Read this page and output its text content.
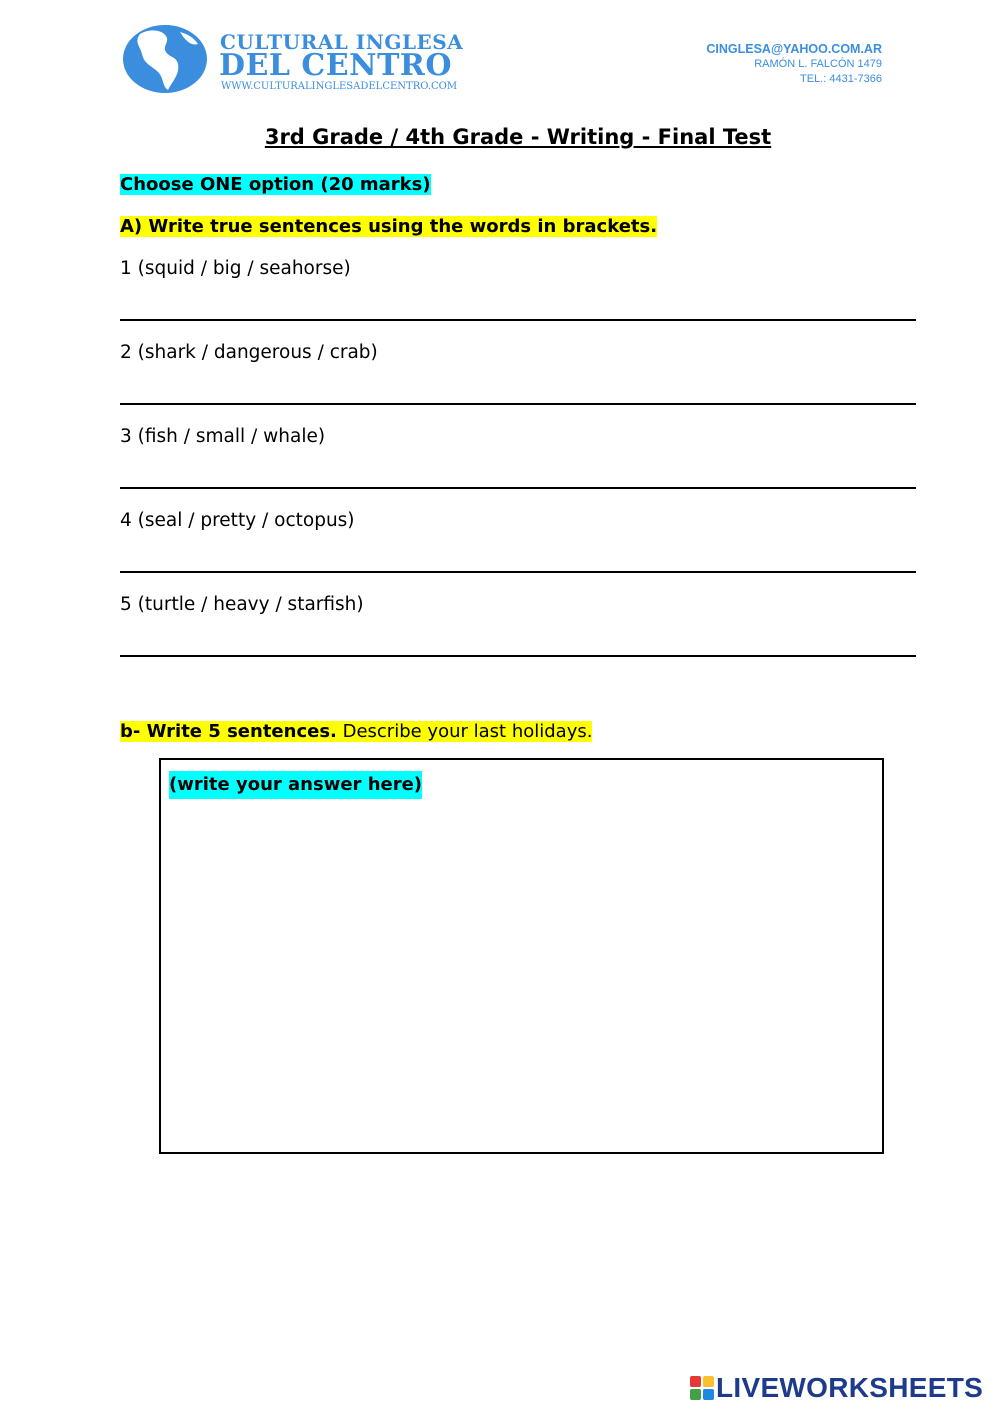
CULTURAL INGLESA
DEL CENTRO
WWW.CULTURALINGLESADELCENTRO.COM
CINGLESA@YAHOO.COM.AR
RAMÓN L. FALCÓN 1479
TEL.: 4431-7366
3rd Grade / 4th Grade - Writing - Final Test
Choose ONE option (20 marks)
A) Write true sentences using the words in brackets.
1 (squid / big / seahorse)
2 (shark / dangerous / crab)
3 (fish / small / whale)
4 (seal / pretty / octopus)
5 (turtle / heavy / starfish)
b- Write 5 sentences. Describe your last holidays.
(write your answer here)
LIVEWORKSHEETS
